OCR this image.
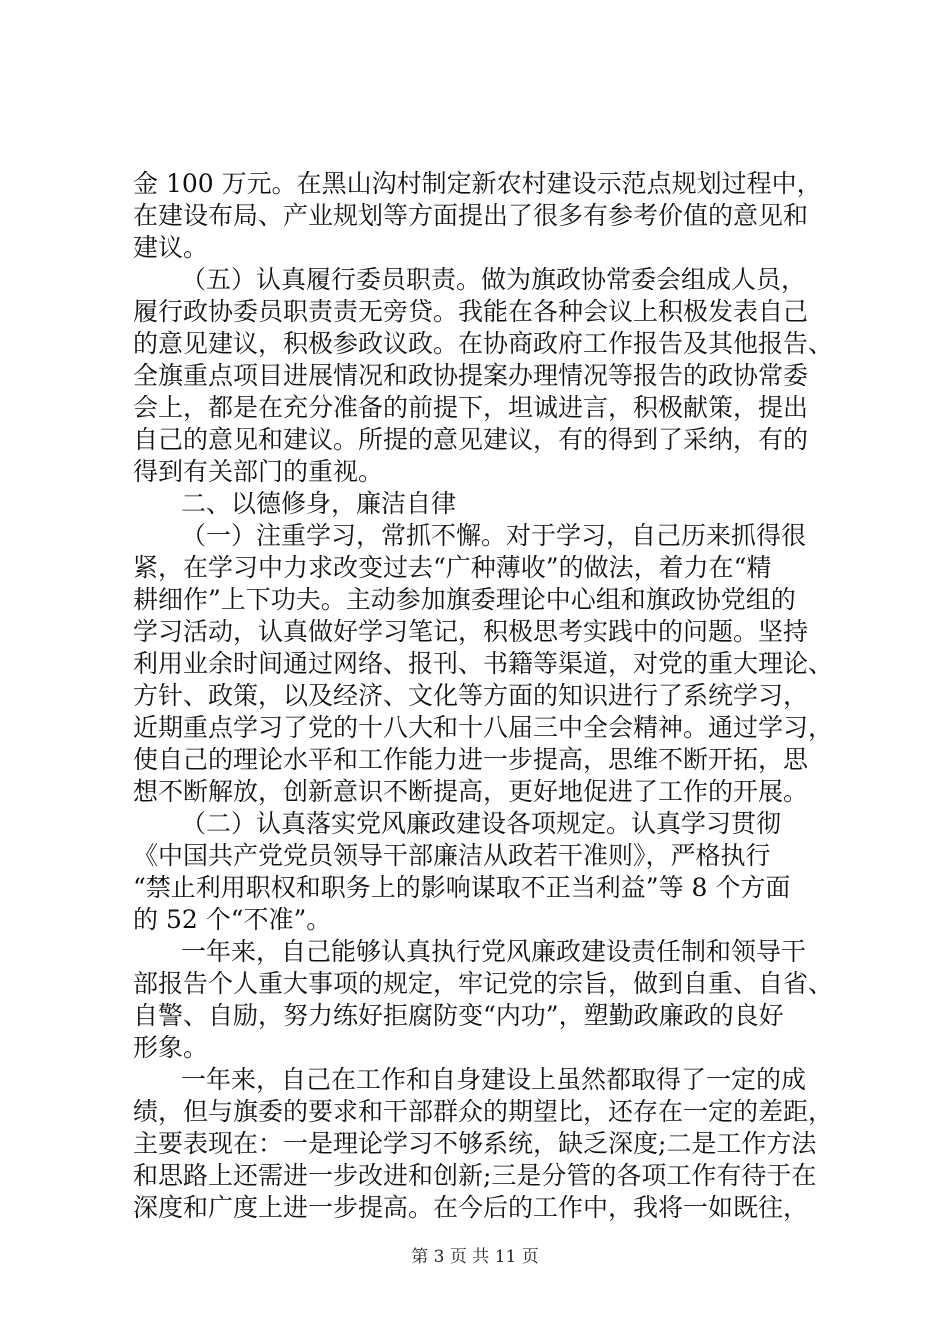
金 100 万元。在黑山沟村制定新农村建设示范点规划过程中，
在建设布局、产业规划等方面提出了很多有参考价值的意见和
建议。
（五）认真履行委员职责。做为旗政协常委会组成人员，
履行政协委员职责责无旁贷。我能在各种会议上积极发表自己
的意见建议，积极参政议政。在协商政府工作报告及其他报告、
全旗重点项目进展情况和政协提案办理情况等报告的政协常委
会上，都是在充分准备的前提下，坦诚进言，积极献策，提出
自己的意见和建议。所提的意见建议，有的得到了采纳，有的
得到有关部门的重视。
二、以德修身，廉洁自律
（一）注重学习，常抓不懈。对于学习，自己历来抓得很
紧，在学习中力求改变过去“广种薄收”的做法，着力在“精
耕细作”上下功夫。主动参加旗委理论中心组和旗政协党组的
学习活动，认真做好学习笔记，积极思考实践中的问题。坚持
利用业余时间通过网络、报刊、书籍等渠道，对党的重大理论、
方针、政策，以及经济、文化等方面的知识进行了系统学习，
近期重点学习了党的十八大和十八届三中全会精神。通过学习，
使自己的理论水平和工作能力进一步提高，思维不断开拓，思
想不断解放，创新意识不断提高，更好地促进了工作的开展。
（二）认真落实党风廉政建设各项规定。认真学习贯彻
《中国共产党党员领导干部廉洁从政若干准则》，严格执行
“禁止利用职权和职务上的影响谋取不正当利益”等 8 个方面
的 52 个“不准”。
一年来，自己能够认真执行党风廉政建设责任制和领导干
部报告个人重大事项的规定，牢记党的宗旨，做到自重、自省、
自警、自励，努力练好拒腐防变“内功”，塑勤政廉政的良好
形象。
一年来，自己在工作和自身建设上虽然都取得了一定的成
绩，但与旗委的要求和干部群众的期望比，还存在一定的差距，
主要表现在：一是理论学习不够系统，缺乏深度;二是工作方法
和思路上还需进一步改进和创新;三是分管的各项工作有待于在
深度和广度上进一步提高。在今后的工作中，我将一如既往，
第 3 页 共 11 页
